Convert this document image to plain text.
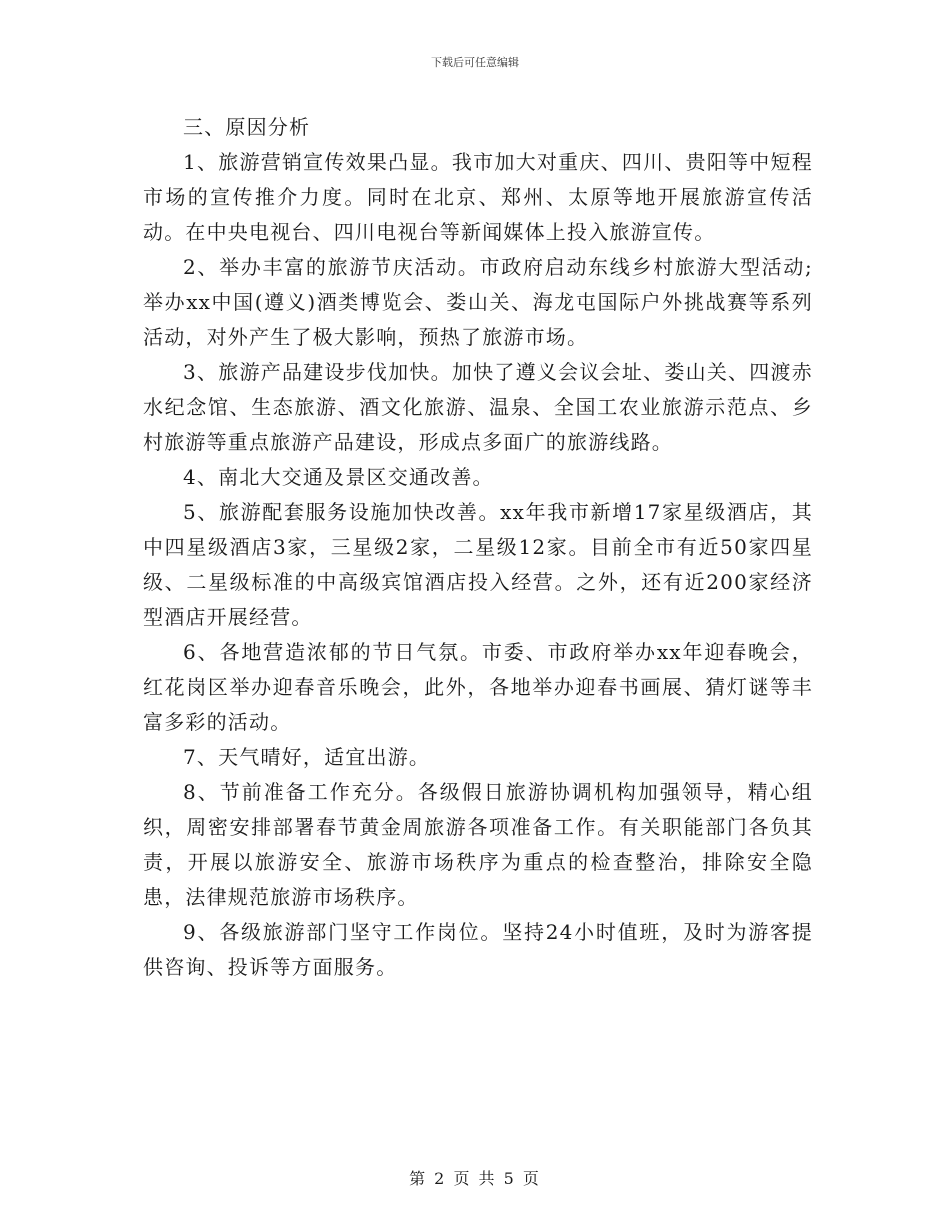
下载后可任意编辑

三、原因分析

1、旅游营销宣传效果凸显。我市加大对重庆、四川、贵阳等中短程市场的宣传推介力度。同时在北京、郑州、太原等地开展旅游宣传活动。在中央电视台、四川电视台等新闻媒体上投入旅游宣传。

2、举办丰富的旅游节庆活动。市政府启动东线乡村旅游大型活动;举办xx中国(遵义)酒类博览会、娄山关、海龙屯国际户外挑战赛等系列活动，对外产生了极大影响，预热了旅游市场。

3、旅游产品建设步伐加快。加快了遵义会议会址、娄山关、四渡赤水纪念馆、生态旅游、酒文化旅游、温泉、全国工农业旅游示范点、乡村旅游等重点旅游产品建设，形成点多面广的旅游线路。

4、南北大交通及景区交通改善。

5、旅游配套服务设施加快改善。xx年我市新增17家星级酒店，其中四星级酒店3家，三星级2家，二星级12家。目前全市有近50家四星级、二星级标准的中高级宾馆酒店投入经营。之外，还有近200家经济型酒店开展经营。

6、各地营造浓郁的节日气氛。市委、市政府举办xx年迎春晚会，红花岗区举办迎春音乐晚会，此外，各地举办迎春书画展、猜灯谜等丰富多彩的活动。

7、天气晴好，适宜出游。

8、节前准备工作充分。各级假日旅游协调机构加强领导，精心组织，周密安排部署春节黄金周旅游各项准备工作。有关职能部门各负其责，开展以旅游安全、旅游市场秩序为重点的检查整治，排除安全隐患，法律规范旅游市场秩序。

9、各级旅游部门坚守工作岗位。坚持24小时值班，及时为游客提供咨询、投诉等方面服务。

第 2 页 共 5 页
